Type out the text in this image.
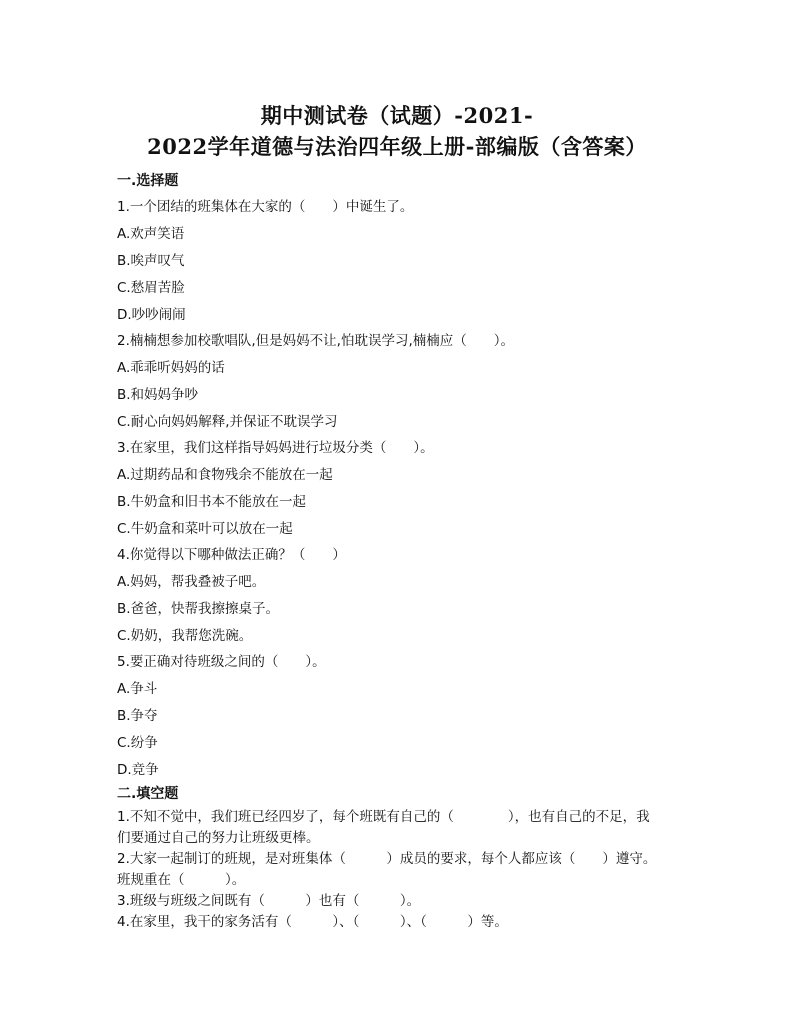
期中测试卷（试题）-2021-
2022学年道德与法治四年级上册-部编版（含答案）
一.选择题
1.一个团结的班集体在大家的（　　）中诞生了。
A.欢声笑语
B.唉声叹气
C.愁眉苦脸
D.吵吵闹闹
2.楠楠想参加校歌唱队,但是妈妈不让,怕耽误学习,楠楠应（　　）。
A.乖乖听妈妈的话
B.和妈妈争吵
C.耐心向妈妈解释,并保证不耽误学习
3.在家里，我们这样指导妈妈进行垃圾分类（　　）。
A.过期药品和食物残余不能放在一起
B.牛奶盒和旧书本不能放在一起
C.牛奶盒和菜叶可以放在一起
4.你觉得以下哪种做法正确？（　　）
A.妈妈，帮我叠被子吧。
B.爸爸，快帮我擦擦桌子。
C.奶奶，我帮您洗碗。
5.要正确对待班级之间的（　　）。
A.争斗
B.争夺
C.纷争
D.竞争
二.填空题
1.不知不觉中，我们班已经四岁了，每个班既有自己的（　　　　），也有自己的不足，我们要通过自己的努力让班级更棒。
2.大家一起制订的班规，是对班集体（　　　）成员的要求，每个人都应该（　　）遵守。班规重在（　　　）。
3.班级与班级之间既有（　　　）也有（　　　）。
4.在家里，我干的家务活有（　　　）、（　　　）、（　　　）等。
